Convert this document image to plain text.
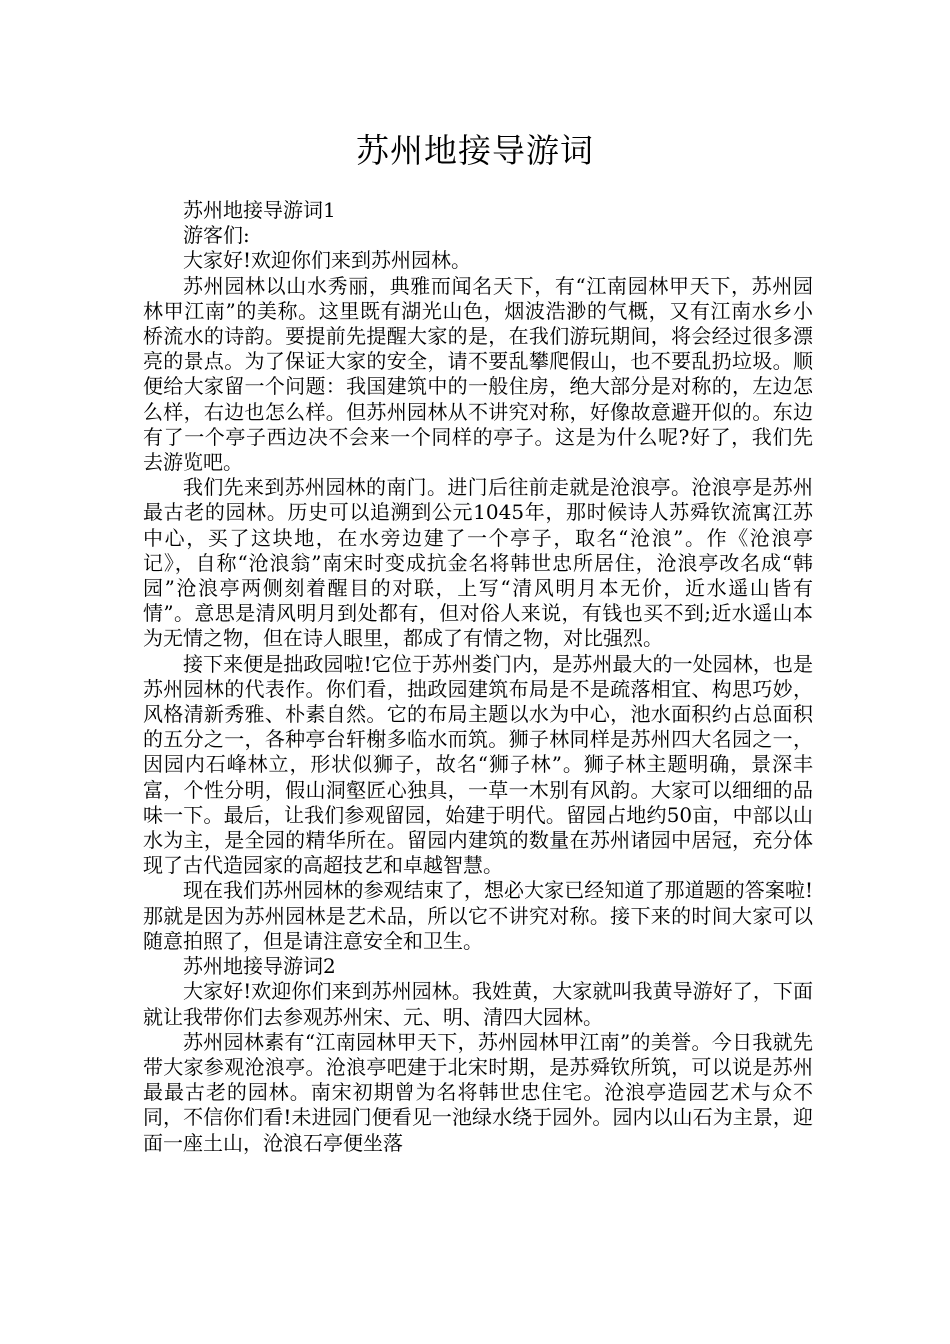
苏州地接导游词

苏州地接导游词1

游客们:

大家好!欢迎你们来到苏州园林。

苏州园林以山水秀丽，典雅而闻名天下，有“江南园林甲天下，苏州园林甲江南”的美称。这里既有湖光山色，烟波浩渺的气概，又有江南水乡小桥流水的诗韵。要提前先提醒大家的是，在我们游玩期间，将会经过很多漂亮的景点。为了保证大家的安全，请不要乱攀爬假山，也不要乱扔垃圾。顺便给大家留一个问题：我国建筑中的一般住房，绝大部分是对称的，左边怎么样，右边也怎么样。但苏州园林从不讲究对称，好像故意避开似的。东边有了一个亭子西边决不会来一个同样的亭子。这是为什么呢?好了，我们先去游览吧。

我们先来到苏州园林的南门。进门后往前走就是沧浪亭。沧浪亭是苏州最古老的园林。历史可以追溯到公元1045年，那时候诗人苏舜钦流寓江苏中心，买了这块地，在水旁边建了一个亭子，取名“沧浪”。作《沧浪亭记》，自称“沧浪翁”南宋时变成抗金名将韩世忠所居住，沧浪亭改名成“韩园”沧浪亭两侧刻着醒目的对联，上写“清风明月本无价，近水遥山皆有情”。意思是清风明月到处都有，但对俗人来说，有钱也买不到;近水遥山本为无情之物，但在诗人眼里，都成了有情之物，对比强烈。

接下来便是拙政园啦!它位于苏州娄门内，是苏州最大的一处园林，也是苏州园林的代表作。你们看，拙政园建筑布局是不是疏落相宜、构思巧妙，风格清新秀雅、朴素自然。它的布局主题以水为中心，池水面积约占总面积的五分之一，各种亭台轩榭多临水而筑。狮子林同样是苏州四大名园之一，因园内石峰林立，形状似狮子，故名“狮子林”。狮子林主题明确，景深丰富，个性分明，假山洞壑匠心独具，一草一木别有风韵。大家可以细细的品味一下。最后，让我们参观留园，始建于明代。留园占地约50亩，中部以山水为主，是全园的精华所在。留园内建筑的数量在苏州诸园中居冠，充分体现了古代造园家的高超技艺和卓越智慧。

现在我们苏州园林的参观结束了，想必大家已经知道了那道题的答案啦!那就是因为苏州园林是艺术品，所以它不讲究对称。接下来的时间大家可以随意拍照了，但是请注意安全和卫生。

苏州地接导游词2

大家好!欢迎你们来到苏州园林。我姓黄，大家就叫我黄导游好了，下面就让我带你们去参观苏州宋、元、明、清四大园林。

苏州园林素有“江南园林甲天下，苏州园林甲江南”的美誉。今日我就先带大家参观沧浪亭。沧浪亭吧建于北宋时期，是苏舜钦所筑，可以说是苏州最最古老的园林。南宋初期曾为名将韩世忠住宅。沧浪亭造园艺术与众不同，不信你们看!未进园门便看见一池绿水绕于园外。园内以山石为主景，迎面一座土山，沧浪石亭便坐落
